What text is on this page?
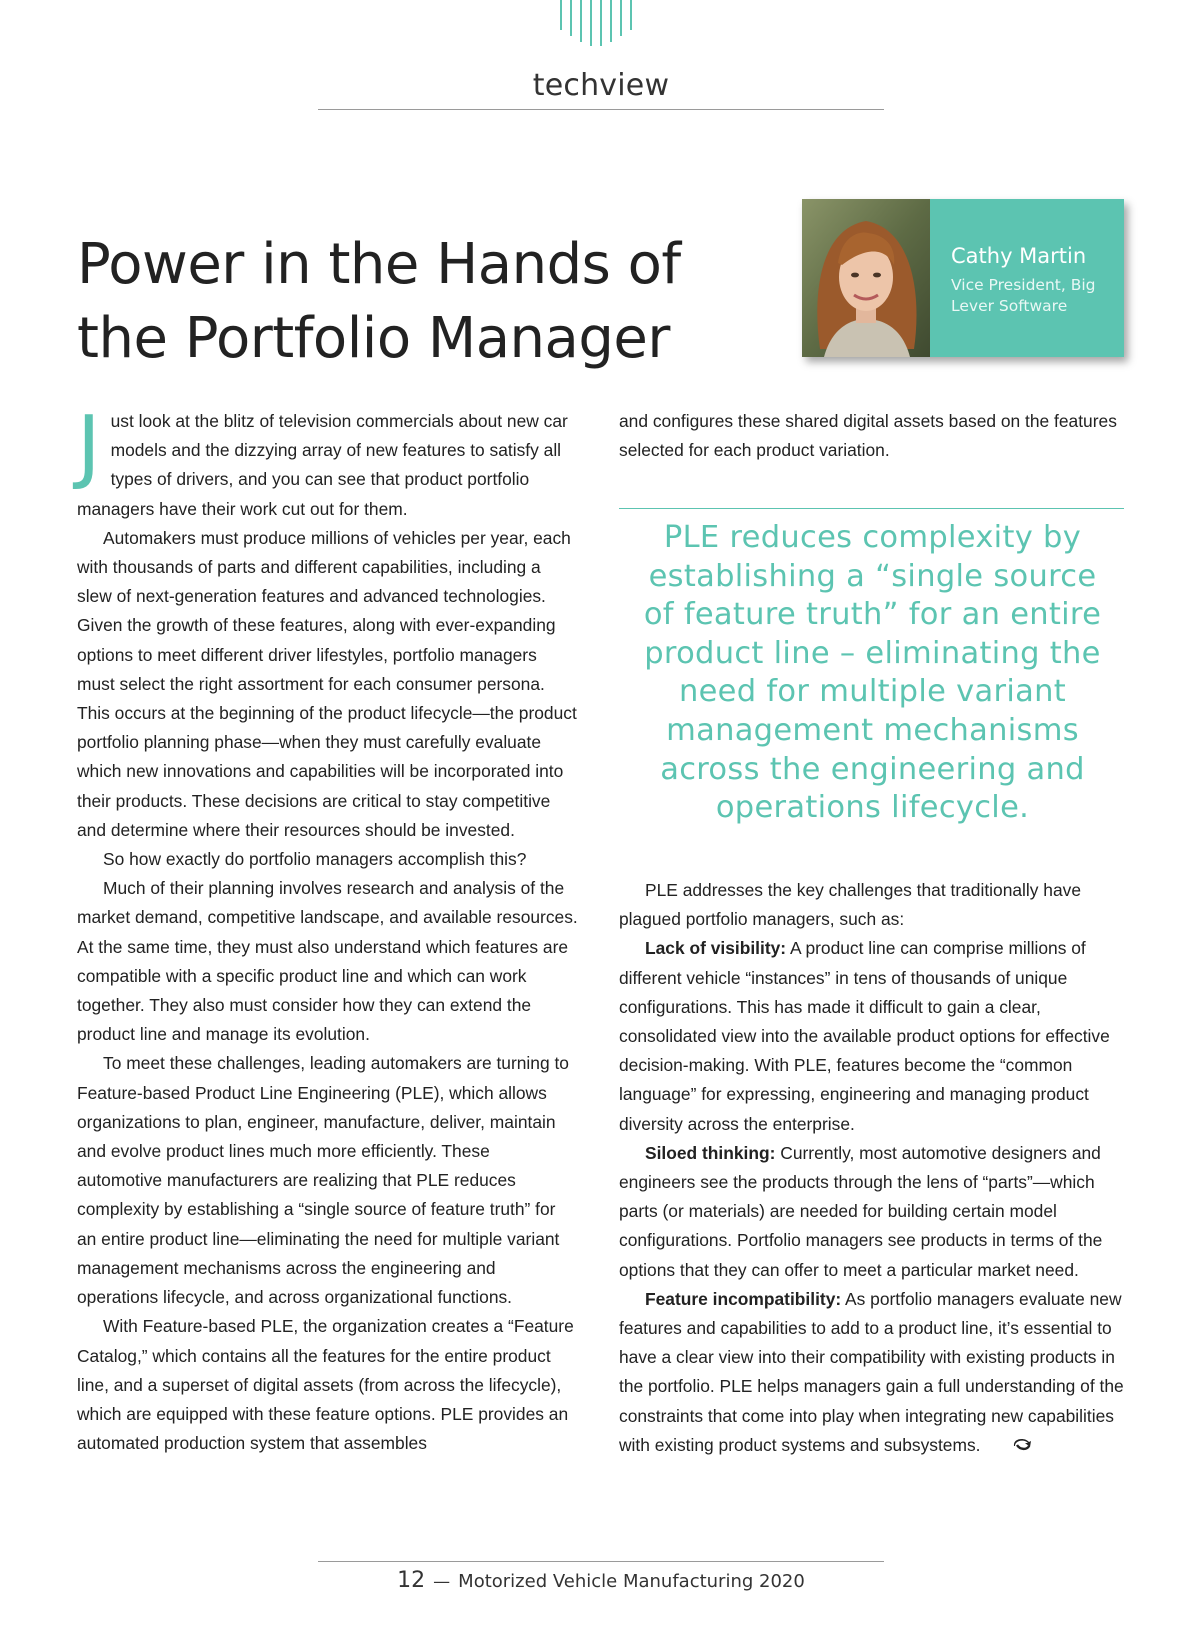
techview
Power in the Hands of the Portfolio Manager
Cathy Martin
Vice President, Big Lever Software

Just look at the blitz of television commercials about new car models and the dizzying array of new features to satisfy all types of drivers, and you can see that product portfolio managers have their work cut out for them.

Automakers must produce millions of vehicles per year, each with thousands of parts and different capabilities, including a slew of next-generation features and advanced technologies. Given the growth of these features, along with ever-expanding options to meet different driver lifestyles, portfolio managers must select the right assortment for each consumer persona. This occurs at the beginning of the product lifecycle—the product portfolio planning phase—when they must carefully evaluate which new innovations and capabilities will be incorporated into their products. These decisions are critical to stay competitive and determine where their resources should be invested.

So how exactly do portfolio managers accomplish this?

Much of their planning involves research and analysis of the market demand, competitive landscape, and available resources. At the same time, they must also understand which features are compatible with a specific product line and which can work together. They also must consider how they can extend the product line and manage its evolution.

To meet these challenges, leading automakers are turning to Feature-based Product Line Engineering (PLE), which allows organizations to plan, engineer, manufacture, deliver, maintain and evolve product lines much more efficiently. These automotive manufacturers are realizing that PLE reduces complexity by establishing a “single source of feature truth” for an entire product line—eliminating the need for multiple variant management mechanisms across the engineering and operations lifecycle, and across organizational functions.

With Feature-based PLE, the organization creates a “Feature Catalog,” which contains all the features for the entire product line, and a superset of digital assets (from across the lifecycle), which are equipped with these feature options. PLE provides an automated production system that assembles

and configures these shared digital assets based on the features selected for each product variation.

PLE reduces complexity by establishing a “single source of feature truth” for an entire product line – eliminating the need for multiple variant management mechanisms across the engineering and operations lifecycle.

PLE addresses the key challenges that traditionally have plagued portfolio managers, such as:

Lack of visibility: A product line can comprise millions of different vehicle “instances” in tens of thousands of unique configurations. This has made it difficult to gain a clear, consolidated view into the available product options for effective decision-making. With PLE, features become the “common language” for expressing, engineering and managing product diversity across the enterprise.

Siloed thinking: Currently, most automotive designers and engineers see the products through the lens of “parts”—which parts (or materials) are needed for building certain model configurations. Portfolio managers see products in terms of the options that they can offer to meet a particular market need.

Feature incompatibility: As portfolio managers evaluate new features and capabilities to add to a product line, it’s essential to have a clear view into their compatibility with existing products in the portfolio. PLE helps managers gain a full understanding of the constraints that come into play when integrating new capabilities with existing product systems and subsystems.

12 — Motorized Vehicle Manufacturing 2020
